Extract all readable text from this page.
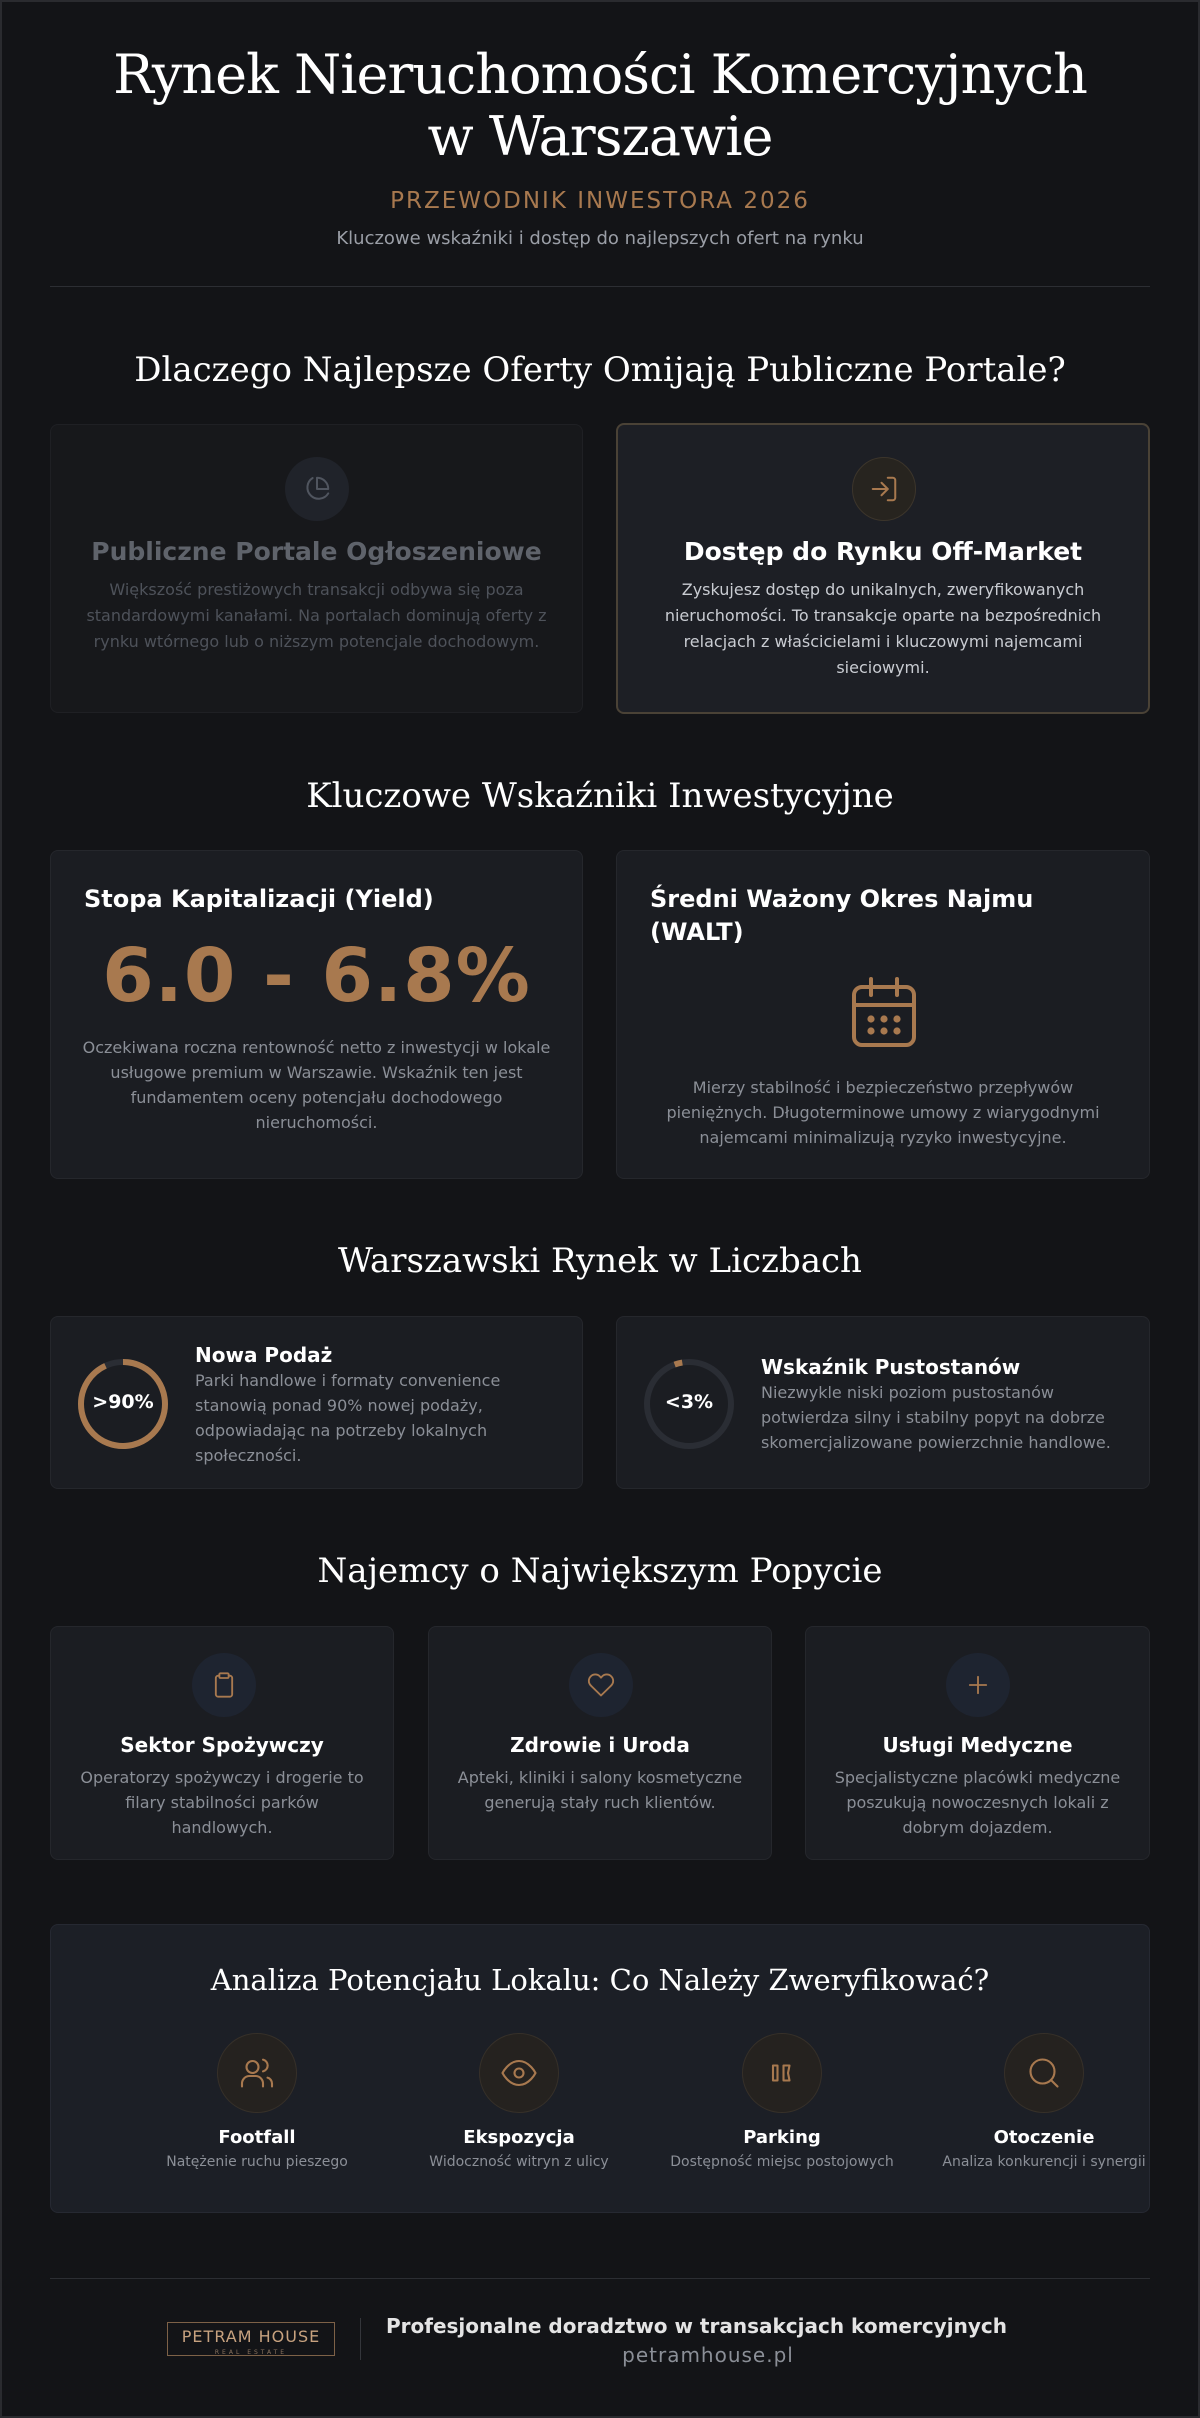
Rynek Nieruchomości Komercyjnych w Warszawie
PRZEWODNIK INWESTORA 2026
Kluczowe wskaźniki i dostęp do najlepszych ofert na rynku
Dlaczego Najlepsze Oferty Omijają Publiczne Portale?
Publiczne Portale Ogłoszeniowe
Większość prestiżowych transakcji odbywa się poza standardowymi kanałami. Na portalach dominują oferty z rynku wtórnego lub o niższym potencjale dochodowym.
Dostęp do Rynku Off-Market
Zyskujesz dostęp do unikalnych, zweryfikowanych nieruchomości. To transakcje oparte na bezpośrednich relacjach z właścicielami i kluczowymi najemcami sieciowymi.
Kluczowe Wskaźniki Inwestycyjne
Stopa Kapitalizacji (Yield)
6.0 - 6.8%
Oczekiwana roczna rentowność netto z inwestycji w lokale usługowe premium w Warszawie. Wskaźnik ten jest fundamentem oceny potencjału dochodowego nieruchomości.
Średni Ważony Okres Najmu (WALT)
Mierzy stabilność i bezpieczeństwo przepływów pieniężnych. Długoterminowe umowy z wiarygodnymi najemcami minimalizują ryzyko inwestycyjne.
Warszawski Rynek w Liczbach
>90%
Nowa Podaż
Parki handlowe i formaty convenience stanowią ponad 90% nowej podaży, odpowiadając na potrzeby lokalnych społeczności.
<3%
Wskaźnik Pustostanów
Niezwykle niski poziom pustostanów potwierdza silny i stabilny popyt na dobrze skomercjalizowane powierzchnie handlowe.
Najemcy o Największym Popycie
Sektor Spożywczy
Operatorzy spożywczy i drogerie to filary stabilności parków handlowych.
Zdrowie i Uroda
Apteki, kliniki i salony kosmetyczne generują stały ruch klientów.
Usługi Medyczne
Specjalistyczne placówki medyczne poszukują nowoczesnych lokali z dobrym dojazdem.
Analiza Potencjału Lokalu: Co Należy Zweryfikować?
Footfall
Natężenie ruchu pieszego
Ekspozycja
Widoczność witryn z ulicy
Parking
Dostępność miejsc postojowych
Otoczenie
Analiza konkurencji i synergii
PETRAM HOUSE
REAL ESTATE
Profesjonalne doradztwo w transakcjach komercyjnych
petramhouse.pl
